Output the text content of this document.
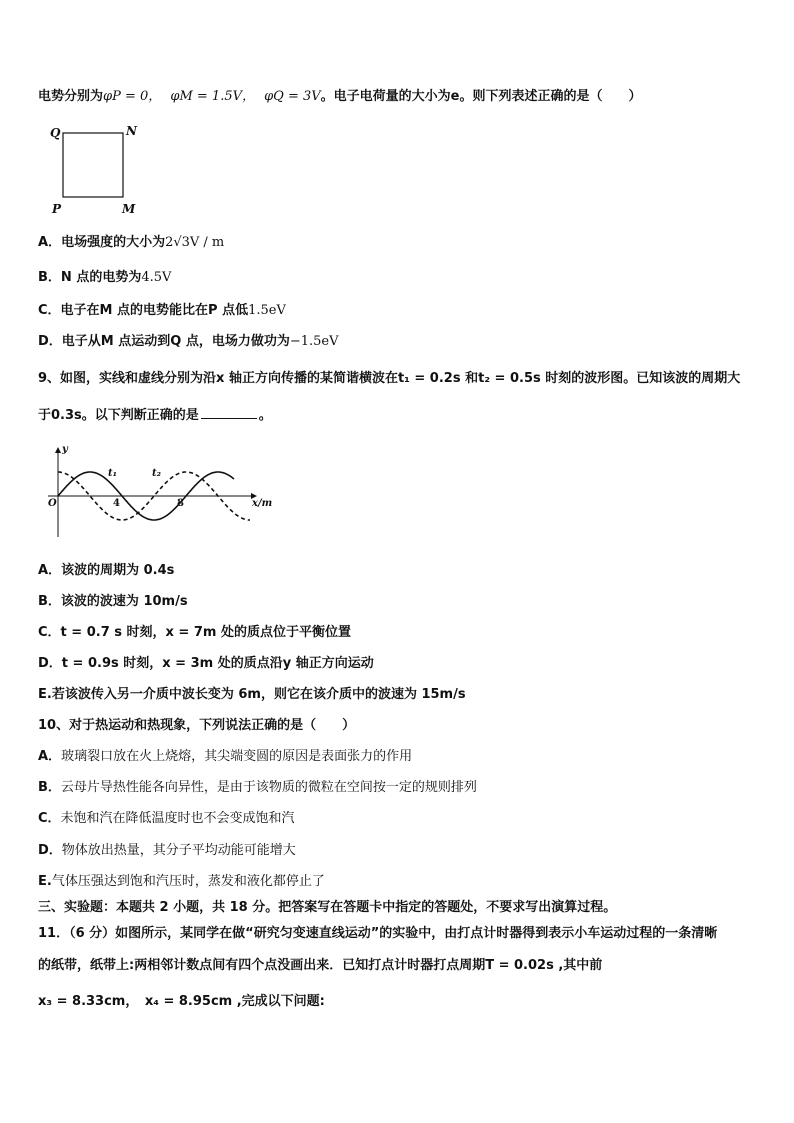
电势分别为φP = 0， φM = 1.5V， φQ = 3V。电子电荷量的大小为e。则下列表述正确的是（　　）
Q	N
P	M
A．电场强度的大小为2√3V / m
B．N 点的电势为4.5V
C．电子在M 点的电势能比在P 点低1.5eV
D．电子从M 点运动到Q 点，电场力做功为−1.5eV
9、如图，实线和虚线分别为沿x 轴正方向传播的某简谐横波在t₁ = 0.2s 和t₂ = 0.5s 时刻的波形图。已知该波的周期大
于0.3s。以下判断正确的是	。
y
O	4	8	x/m
t₁	t₂
A．该波的周期为 0.4s
B．该波的波速为 10m/s
C．t = 0.7 s 时刻，x = 7m 处的质点位于平衡位置
D．t = 0.9s 时刻，x = 3m 处的质点沿y 轴正方向运动
E.若该波传入另一介质中波长变为 6m，则它在该介质中的波速为 15m/s
10、对于热运动和热现象，下列说法正确的是（　　）
A．玻璃裂口放在火上烧熔，其尖端变圆的原因是表面张力的作用
B．云母片导热性能各向异性，是由于该物质的微粒在空间按一定的规则排列
C．未饱和汽在降低温度时也不会变成饱和汽
D．物体放出热量，其分子平均动能可能增大
E.气体压强达到饱和汽压时，蒸发和液化都停止了
三、实验题：本题共 2 小题，共 18 分。把答案写在答题卡中指定的答题处，不要求写出演算过程。
11．（6 分）如图所示，某同学在做“研究匀变速直线运动”的实验中，由打点计时器得到表示小车运动过程的一条清晰
的纸带，纸带上:两相邻计数点间有四个点没画出来．已知打点计时器打点周期T = 0.02s ,其中前
x₃ = 8.33cm，　x₄ = 8.95cm ,完成以下问题:
